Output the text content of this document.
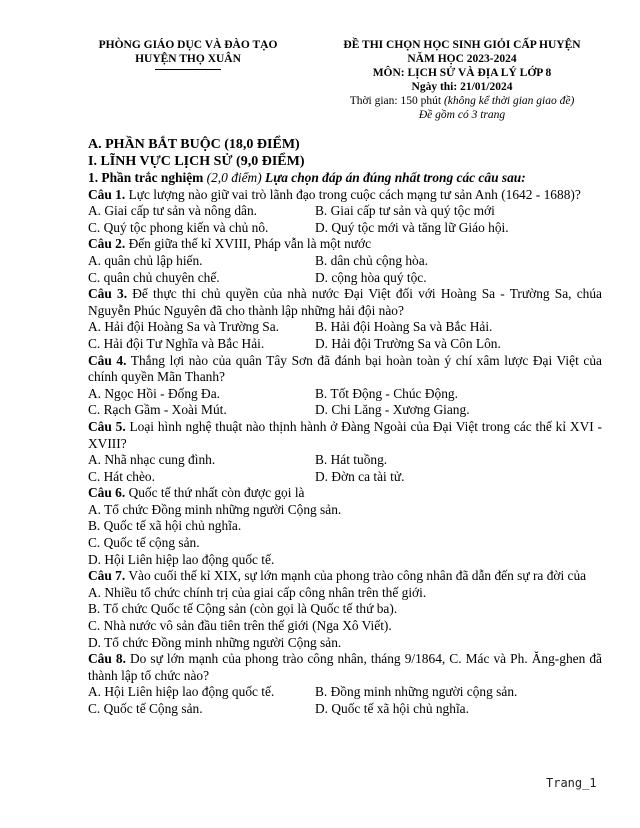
PHÒNG GIÁO DỤC VÀ ĐÀO TẠO
HUYỆN THỌ XUÂN
ĐỀ THI CHỌN HỌC SINH GIỎI CẤP HUYỆN
NĂM HỌC 2023-2024
MÔN: LỊCH SỬ VÀ ĐỊA LÝ LỚP 8
Ngày thi: 21/01/2024
Thời gian: 150 phút (không kể thời gian giao đề)
Đề gồm có 3 trang
A. PHẦN BẮT BUỘC (18,0 ĐIỂM)
I. LĨNH VỰC LỊCH SỬ (9,0 ĐIỂM)
1. Phần trắc nghiệm (2,0 điểm) Lựa chọn đáp án đúng nhất trong các câu sau:
Câu 1. Lực lượng nào giữ vai trò lãnh đạo trong cuộc cách mạng tư sản Anh (1642 - 1688)?
A. Giai cấp tư sản và nông dân.	B. Giai cấp tư sản và quý tộc mới
C. Quý tộc phong kiến và chủ nô.	D. Quý tộc mới và tăng lữ Giáo hội.
Câu 2. Đến giữa thế kỉ XVIII, Pháp vẫn là một nước
A. quân chủ lập hiến.	B. dân chủ cộng hòa.
C. quân chủ chuyên chế.	D. cộng hòa quý tộc.
Câu 3. Để thực thi chủ quyền của nhà nước Đại Việt đối với Hoàng Sa - Trường Sa, chúa Nguyễn Phúc Nguyên đã cho thành lập những hải đội nào?
A. Hải đội Hoàng Sa và Trường Sa.	B. Hải đội Hoàng Sa và Bắc Hải.
C. Hải đội Tư Nghĩa và Bắc Hải.	D. Hải đội Trường Sa và Côn Lôn.
Câu 4. Thắng lợi nào của quân Tây Sơn đã đánh bại hoàn toàn ý chí xâm lược Đại Việt của chính quyền Mãn Thanh?
A. Ngọc Hồi - Đống Đa.	B. Tốt Động - Chúc Động.
C. Rạch Gầm - Xoài Mút.	D. Chi Lăng - Xương Giang.
Câu 5. Loại hình nghệ thuật nào thịnh hành ở Đàng Ngoài của Đại Việt trong các thế kỉ XVI - XVIII?
A. Nhã nhạc cung đình.	B. Hát tuồng.
C. Hát chèo.	D. Đờn ca tài tử.
Câu 6. Quốc tế thứ nhất còn được gọi là
A. Tổ chức Đồng minh những người Cộng sản.
B. Quốc tế xã hội chủ nghĩa.
C. Quốc tế cộng sản.
D. Hội Liên hiệp lao động quốc tế.
Câu 7. Vào cuối thế kỉ XIX, sự lớn mạnh của phong trào công nhân đã dẫn đến sự ra đời của
A. Nhiều tổ chức chính trị của giai cấp công nhân trên thế giới.
B. Tổ chức Quốc tế Cộng sản (còn gọi là Quốc tế thứ ba).
C. Nhà nước vô sản đầu tiên trên thế giới (Nga Xô Viết).
D. Tổ chức Đồng minh những người Cộng sản.
Câu 8. Do sự lớn mạnh của phong trào công nhân, tháng 9/1864, C. Mác và Ph. Ăng-ghen đã thành lập tổ chức nào?
A. Hội Liên hiệp lao động quốc tế.	B. Đồng minh những người cộng sản.
C. Quốc tế Cộng sản.	D. Quốc tế xã hội chủ nghĩa.
Trang_1
